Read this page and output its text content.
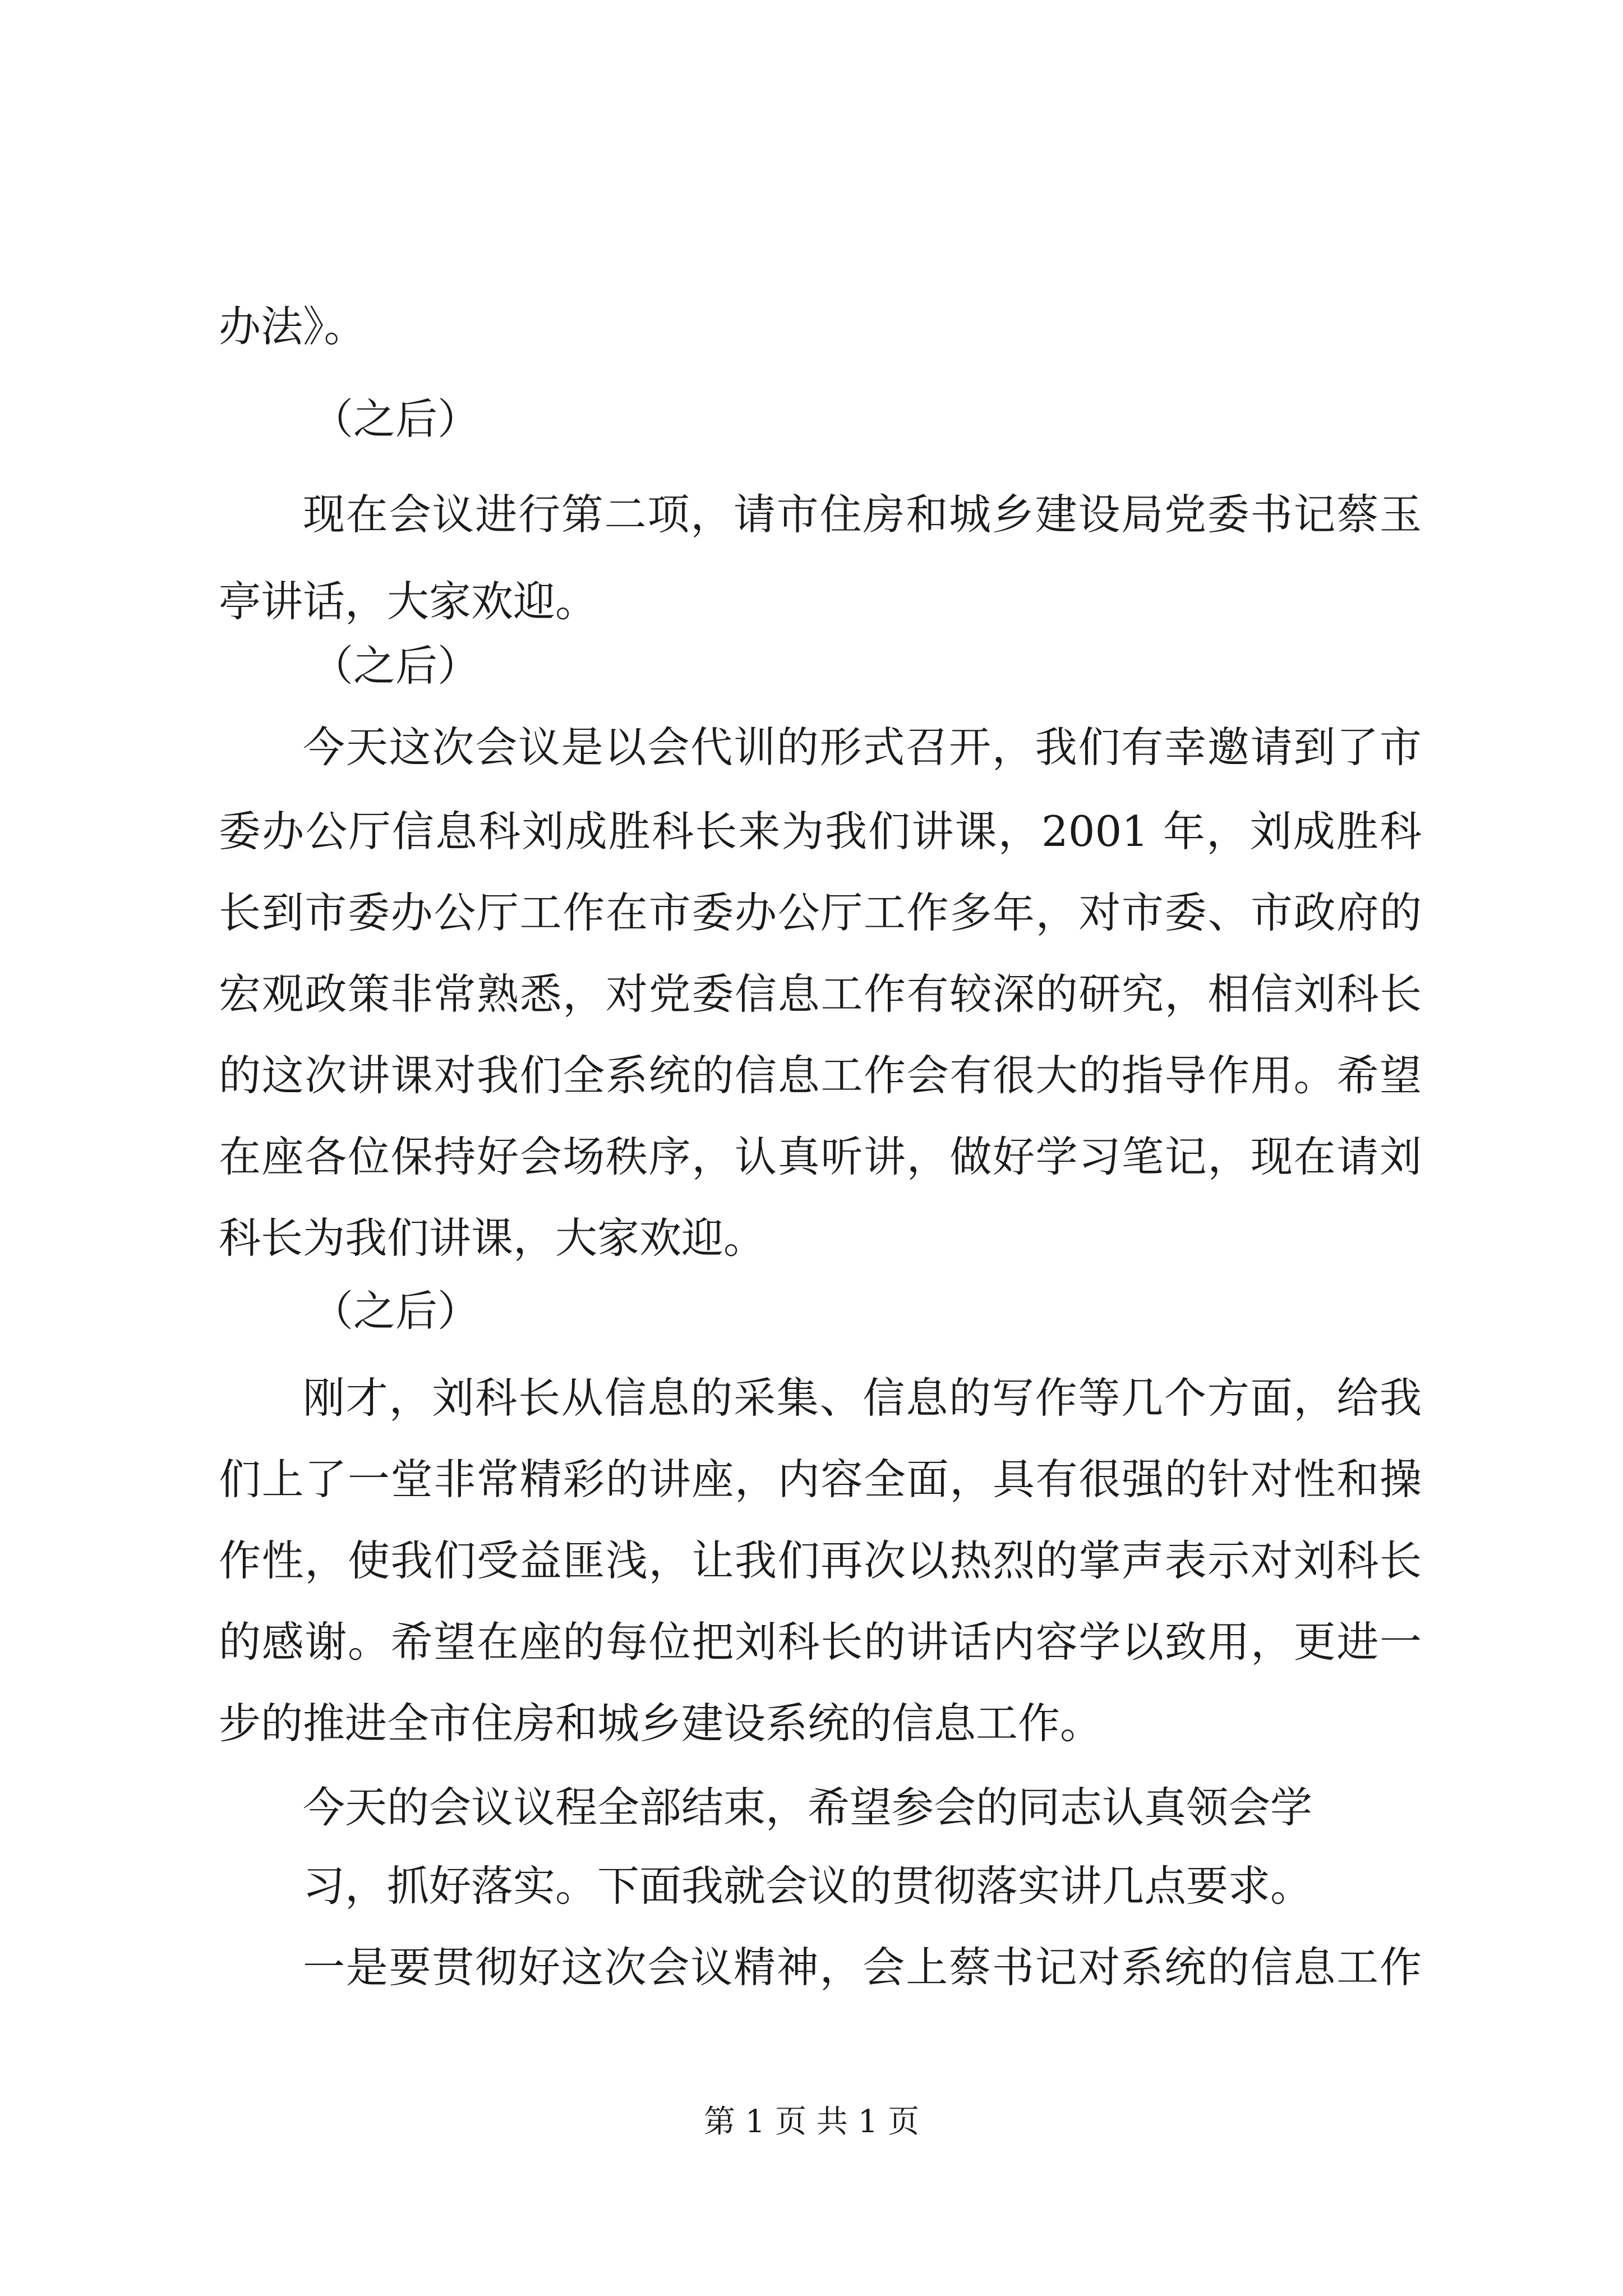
办法》。
（之后）
现在会议进行第二项，请市住房和城乡建设局党委书记蔡玉
亭讲话，大家欢迎。
（之后）
今天这次会议是以会代训的形式召开，我们有幸邀请到了市
委办公厅信息科刘成胜科长来为我们讲课，2001 年，刘成胜科
长到市委办公厅工作在市委办公厅工作多年，对市委、市政府的
宏观政策非常熟悉，对党委信息工作有较深的研究，相信刘科长
的这次讲课对我们全系统的信息工作会有很大的指导作用。希望
在座各位保持好会场秩序，认真听讲，做好学习笔记，现在请刘
科长为我们讲课，大家欢迎。
（之后）
刚才，刘科长从信息的采集、信息的写作等几个方面，给我
们上了一堂非常精彩的讲座，内容全面，具有很强的针对性和操
作性，使我们受益匪浅，让我们再次以热烈的掌声表示对刘科长
的感谢。希望在座的每位把刘科长的讲话内容学以致用，更进一
步的推进全市住房和城乡建设系统的信息工作。
今天的会议议程全部结束，希望参会的同志认真领会学
习，抓好落实。下面我就会议的贯彻落实讲几点要求。
一是要贯彻好这次会议精神，会上蔡书记对系统的信息工作
第 1 页 共 1 页
